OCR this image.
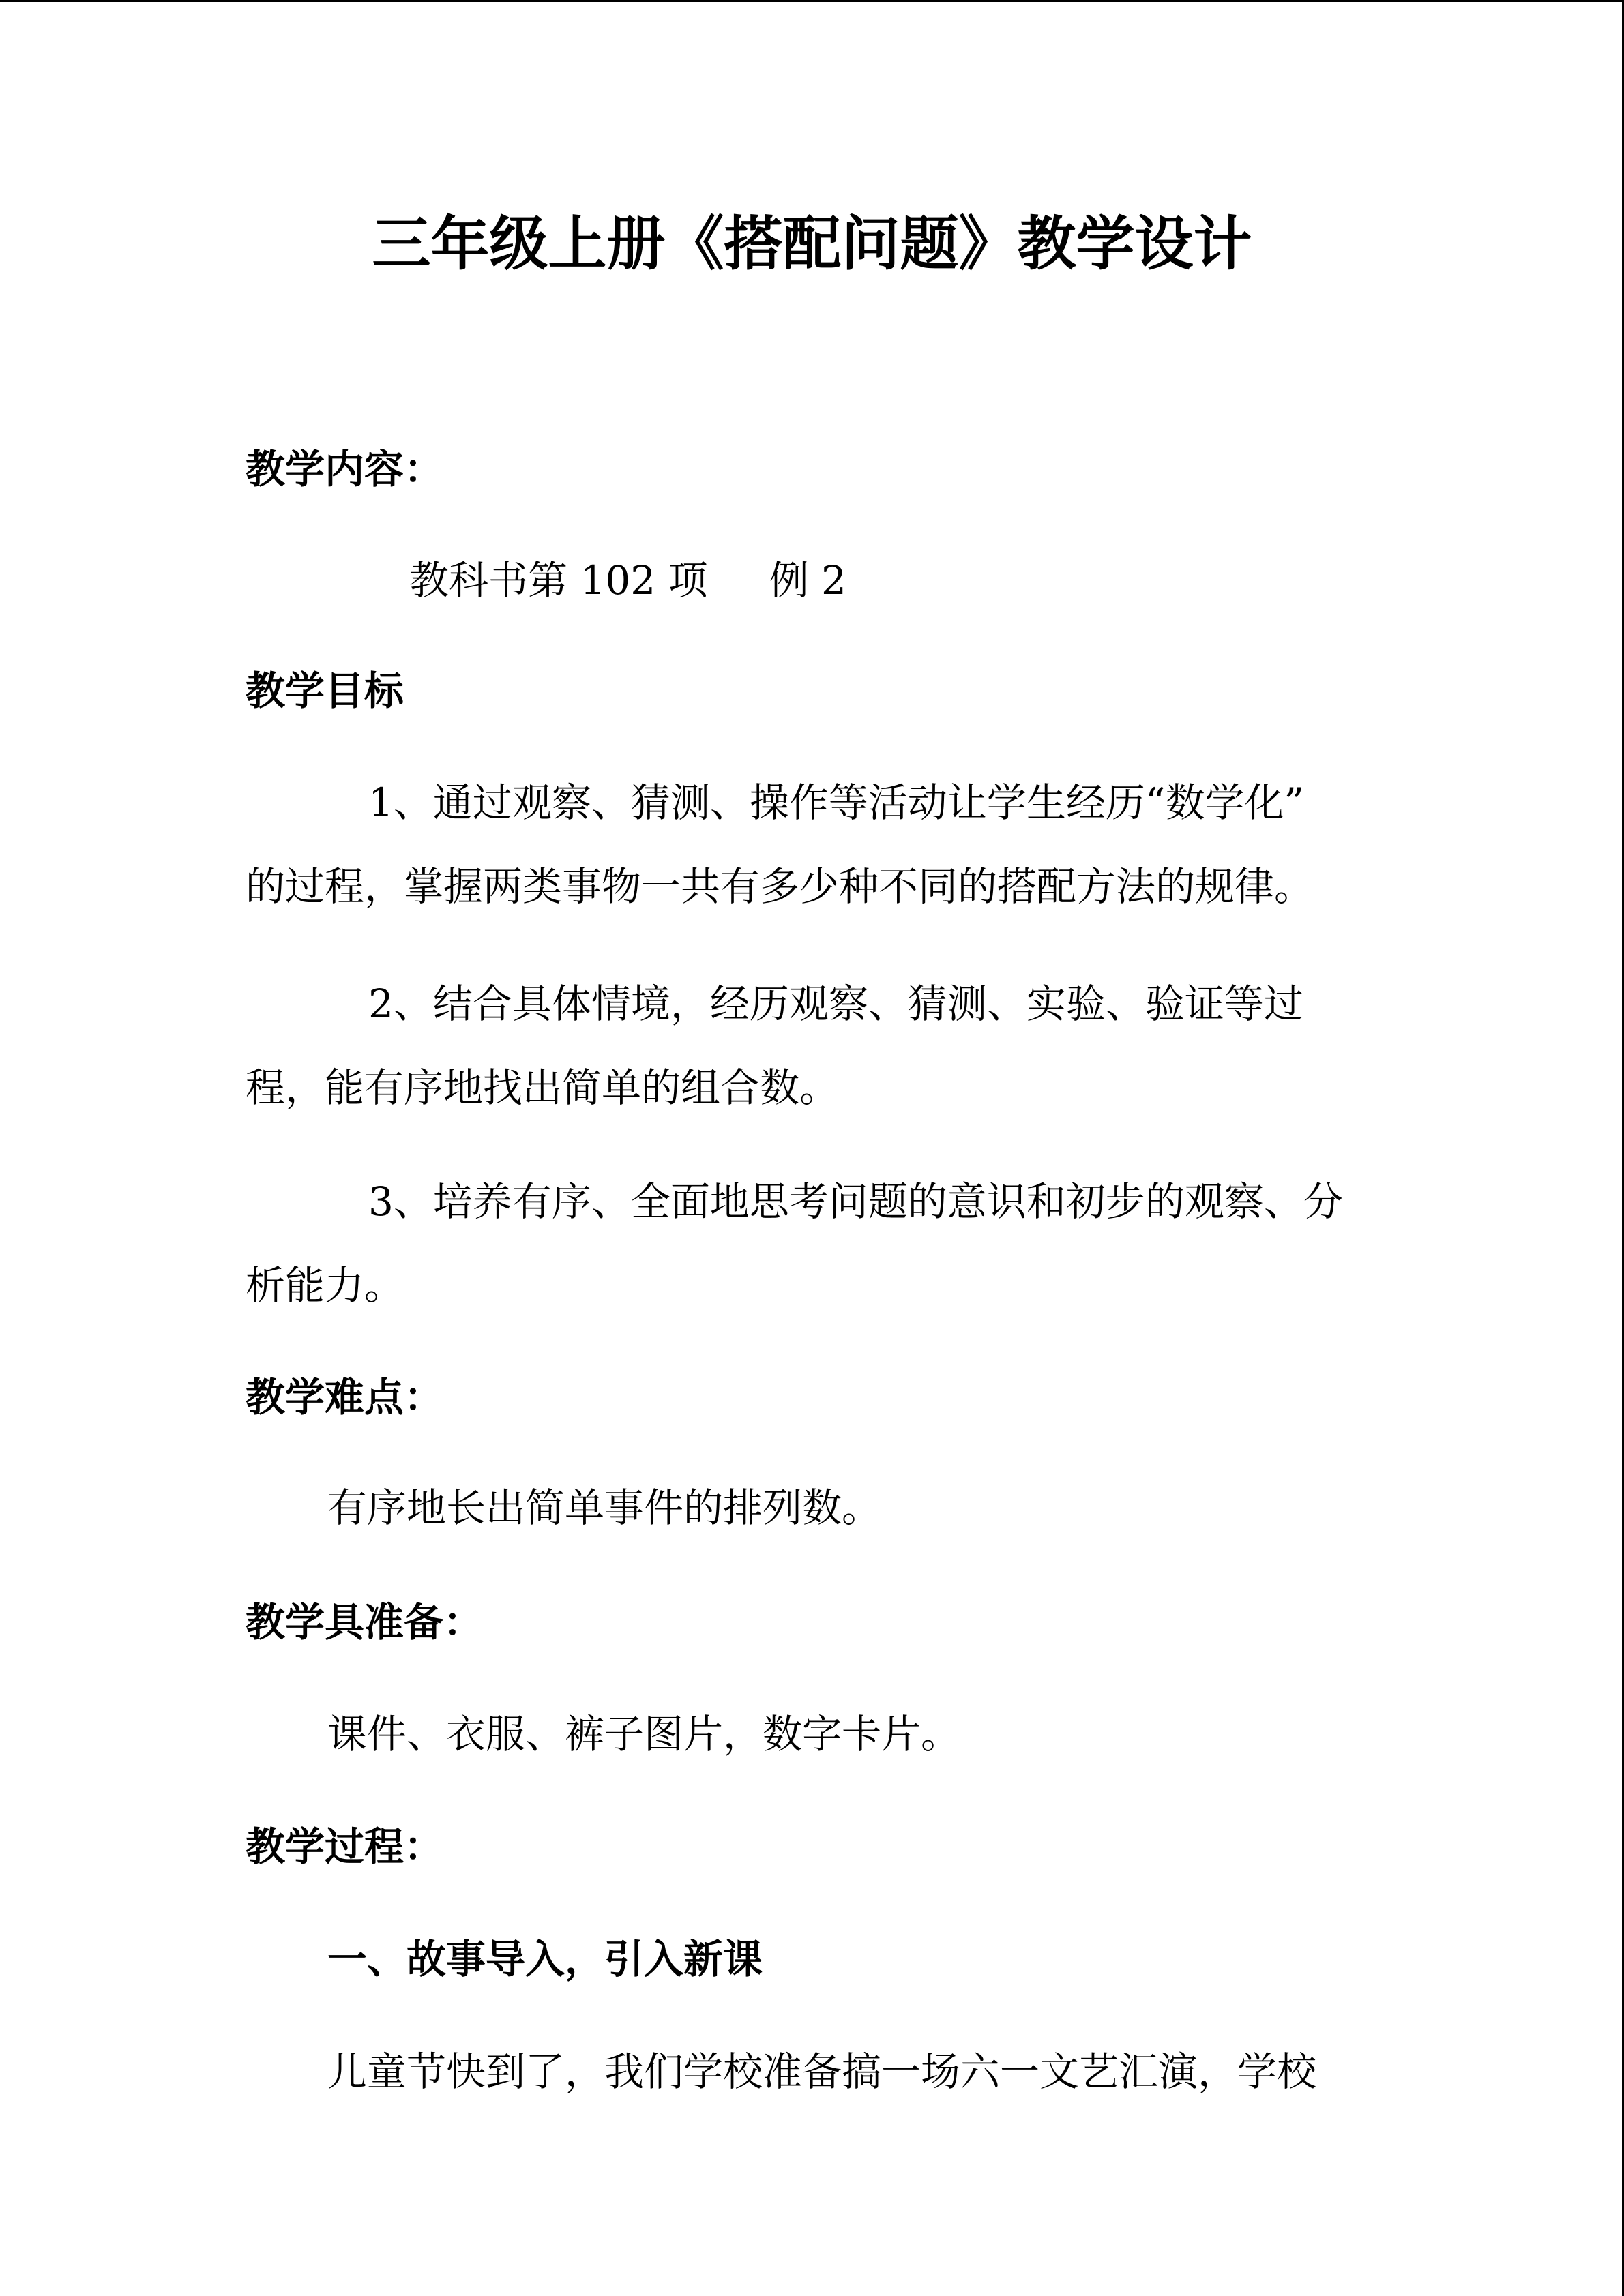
三年级上册《搭配问题》教学设计
教学内容：
教科书第 102 项 例 2
教学目标
1、通过观察、猜测、操作等活动让学生经历“数学化”
的过程，掌握两类事物一共有多少种不同的搭配方法的规律。
2、结合具体情境，经历观察、猜测、实验、验证等过
程，能有序地找出简单的组合数。
3、培养有序、全面地思考问题的意识和初步的观察、分
析能力。
教学难点：
有序地长出简单事件的排列数。
教学具准备：
课件、衣服、裤子图片，数字卡片。
教学过程：
一、故事导入，引入新课
儿童节快到了，我们学校准备搞一场六一文艺汇演，学校
